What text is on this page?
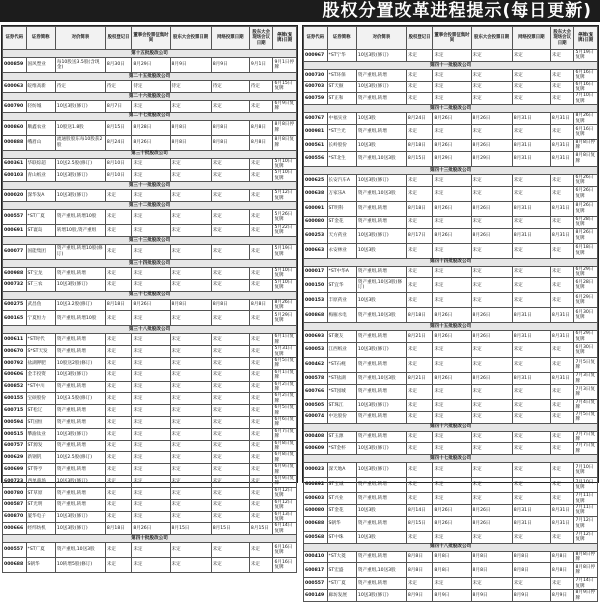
股权分置改革进程提示(每日更新)
证券代码	证券简称	对价简表	股权登记日	董事会投票征集时间	股东大会投票日期	网络投票日期	股东大会现场会议日期	停牌(复牌)日期
第十五批股改公司								
000859	国风塑业	每10股送3.5股(含现金)	8月30日	8月29日	8月9日	8月9日	9月1日	9月1日停牌
第二十五批股改公司								
600063	皖维高新	待定	待定	待定	待定	待定	待定	6月15日复牌
第二十六批股改公司								
600790	轻纺城	10送3股(修订)	8月7日	未定	未定	未定	未定	6月9日复牌
第二十七批股改公司								
000860	顺鑫农业	10股送1.8股	8月15日	8月28日	8月8日	8月8日	8月8日	8月8日停牌
000888	峨眉山	流通股股东每10股获2股	8月24日	8月26日	8月8日	8月8日	8月8日	8月8日复牌
第三十批股改公司								
600361	华联综超	10送2.5股(修订)	8月10日	未定	未定	未定	未定	5月10日复牌
600103	青山纸业	10送3股(修订)	8月10日	未定	未定	未定	未定	5月10日复牌
第三十一批股改公司								
000020	深华发A	10送3股(修订)	未定	未定	未定	未定	未定	5月12日复牌
第三十二批股改公司								
000557	*ST广夏	资产重组,转增10股	未定	未定	未定	未定	未定	5月26日复牌
000691	ST寰岛	转增10股,资产重组	未定	未定	未定	未定	未定	5月22日复牌
第三十三批股改公司								
600077	国能集团	资产重组,转增10股(修订)	未定	未定	未定	未定	未定	5月19日复牌
第三十四批股改公司								
600988	ST宝龙	资产重组,转增	未定	未定	未定	未定	未定	5月10日复牌
000732	ST三农	10送3股(修订)	未定	未定	未定	未定	未定	5月10日复牌
第三十七批股改公司								
600275	武昌鱼	10送3.2股(修订)	8月18日	8月26日	8月8日	8月8日	8月8日	8月26日复牌
600165	宁夏恒力	资产重组,转增10股	未定	未定	未定	未定	未定	5月29日复牌
第三十八批股改公司								
000611	*ST时代	资产重组,转增	未定	未定	未定	未定	未定	6月1日复牌
000670	S*ST天发	资产重组,转增	未定	未定	未定	未定	未定	5月31日复牌
000792	盐湖钾肥	10股送2股(修订)	未定	未定	未定	未定	未定	6月5日复牌
600606	金丰投资	10送3股(修订)	未定	未定	未定	未定	未定	6月1日复牌
600852	*ST中川	资产重组,转增	未定	未定	未定	未定	未定	6月2日复牌
600155	宝硕股份	10送3.5股(修订)	未定	未定	未定	未定	未定	6月2日复牌
600715	ST松辽	资产重组,转增	未定	未定	未定	未定	未定	6月5日复牌
000594	ST国恒	资产重组,转增	未定	未定	未定	未定	未定	6月6日复牌
000515	攀渝钛业	10送3股(修订)	未定	未定	未定	未定	未定	6月7日复牌
600757	ST源发	资产重组,转增	未定	未定	未定	未定	未定	6月8日复牌
000629	新钢钒	10送2.5股(修订)	未定	未定	未定	未定	未定	6月8日复牌
600699	ST得亨	资产重组,转增	未定	未定	未定	未定	未定	6月9日复牌
600723	西单商场	10送3股(修订)	未定	未定	未定	未定	未定	6月9日复牌
000780	ST草原	资产重组,转增	未定	未定	未定	未定	未定	6月12日复牌
000587	ST光明	资产重组,转增	未定	未定	未定	未定	未定	6月12日复牌
600870	厦华电子	10送3股(修订)	未定	未定	未定	未定	未定	6月13日复牌
000666	经纬纺机	10送3股(修订)	8月18日	8月26日	8月15日	8月15日	8月15日	6月14日复牌
第四十批股改公司								
000557	*ST广夏	资产重组,10送3股	未定	未定	未定	未定	未定	6月16日复牌
000688	S朝华	10转增5股(修订)	未定	未定	未定	未定	未定	6月16日复牌
证券代码	证券简称	对价简表	股权登记日	董事会投票征集时间	股东大会投票日期	网络投票日期	股东大会现场会议日期	停牌(复牌)日期
000967	*ST宁华	10送3股(修订)	未定	未定	未定	未定	未定	5月19日复牌
第四十一批股改公司								
000730	*ST环保	资产重组,转增	未定	未定	未定	未定	未定	6月16日复牌
600703	ST天颐	10送3股(修订)	未定	未定	未定	未定	未定	6月16日复牌
600759	ST正和	资产重组,转增	未定	未定	未定	未定	未定	7月10日复牌
第四十二批股改公司								
600767	中福实业	10送3股	8月24日	8月26日	8月26日	8月31日	8月31日	8月26日复牌
000981	*ST兰光	资产重组,转增	未定	未定	未定	未定	未定	6月16日复牌
000561	长岭股份	10送3股	8月18日	8月26日	8月26日	8月31日	8月31日	8月8日停牌
600556	*ST北生	资产重组,10送3股	8月15日	8月29日	8月29日	8月31日	8月31日	8月8日复牌
第四十三批股改公司								
000625	长安汽车A	10送3股(修订)	未定	未定	未定	未定	未定	6月26日复牌
000638	万家乐A	资产重组,10送3股	未定	未定	未定	未定	未定	6月26日复牌
600091	ST明科	资产重组,转增	8月18日	8月26日	8月26日	8月31日	8月31日	8月26日复牌
600080	ST金花	资产重组,转增	未定	未定	未定	未定	未定	6月28日复牌
600253	天方药业	10送3股(修订)	8月17日	8月26日	8月26日	8月31日	8月31日	8月26日复牌
000663	永安林业	10送3股	未定	未定	未定	未定	未定	6月18日复牌
第四十四批股改公司								
000017	*ST中华A	资产重组,转增	未定	未定	未定	未定	未定	6月29日复牌
000150	ST宜华	资产重组,10送3股(修订)	未定	未定	未定	未定	未定	6月28日复牌
000153	丰原药业	10送3股	未定	未定	未定	未定	未定	6月29日复牌
600868	梅雁水电	资产重组,10送3股	8月18日	8月26日	8月26日	8月31日	8月31日	6月30日复牌
第四十五批股改公司								
000693	ST聚友	资产重组,转增	8月21日	8月26日	8月26日	8月31日	8月31日	6月29日复牌
600053	江西纸业	10送3股(修订)	未定	未定	未定	未定	未定	6月30日复牌
600462	*ST石岘	资产重组,转增	未定	未定	未定	未定	未定	7月5日复牌
000578	*ST盐湖	资产重组,10送3股	8月21日	8月26日	8月26日	8月31日	8月31日	7月3日复牌
600766	*ST园城	资产重组,转增	未定	未定	未定	未定	未定	7月3日复牌
000505	ST珠江	10送3股(修订)	未定	未定	未定	未定	未定	7月4日复牌
600074	中达股份	资产重组,转增	未定	未定	未定	未定	未定	7月5日复牌
第四十六批股改公司								
000408	ST玉源	资产重组,转增	未定	未定	未定	未定	未定	7月7日复牌
600609	*ST金杯	10送3股(修订)	未定	未定	未定	未定	未定	7月7日复牌
第四十七批股改公司								
000023	深天地A	10送3股(修订)	未定	未定	未定	未定	未定	7月10日复牌
600892	ST宝诚	资产重组,转增	未定	未定	未定	未定	未定	7月10日复牌
600603	ST兴业	资产重组,转增	未定	未定	未定	未定	未定	7月11日复牌
600080	ST金花	10送3股	8月14日	8月26日	8月26日	8月31日	8月31日	7月11日复牌
000688	S朝华	资产重组,转增	8月15日	8月26日	8月26日	8月31日	8月31日	7月12日复牌
600568	ST中珠	10送3股	未定	未定	未定	未定	未定	7月12日复牌
第四十八批股改公司								
000410	*ST大菱	资产重组,转增	8月8日	8月8日	8月8日	8月8日	8月8日	8月8日停牌
600817	ST宏盛	资产重组,10送3股	8月8日	8月8日	8月8日	8月8日	8月8日	8月8日停牌
000557	*ST广夏	资产重组,转增	未定	未定	未定	未定	未定	7月14日复牌
600149	廊坊发展	10送3股(修订)	8月9日	8月9日	8月9日	8月9日	8月9日	8月9日停牌
